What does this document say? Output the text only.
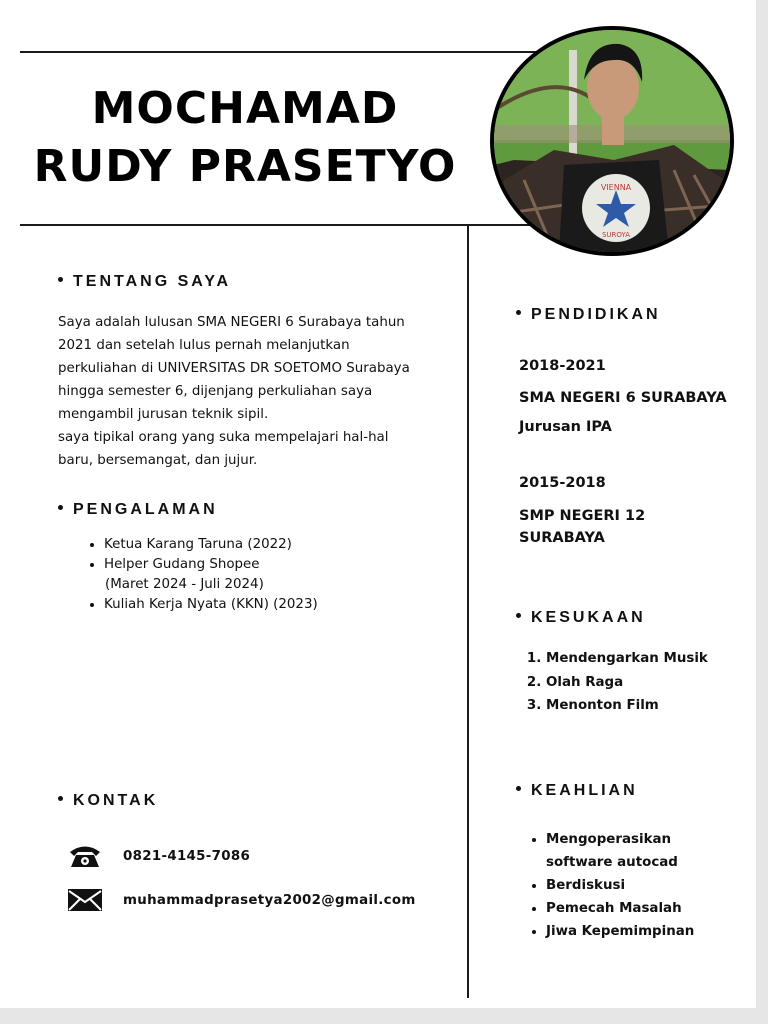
MOCHAMAD
RUDY PRASETYO	VIENNA
SUROYA
TENTANG SAYA
Saya adalah lulusan SMA NEGERI 6 Surabaya tahun
2021 dan setelah lulus pernah melanjutkan
perkuliahan di UNIVERSITAS DR SOETOMO Surabaya
hingga semester 6, dijenjang perkuliahan saya
mengambil jurusan teknik sipil.
saya tipikal orang yang suka mempelajari hal-hal
baru, bersemangat, dan jujur.
PENGALAMAN
• Ketua Karang Taruna (2022)
• Helper Gudang Shopee
(Maret 2024 - Juli 2024)
• Kuliah Kerja Nyata (KKN) (2023)
KONTAK
0821-4145-7086
muhammadprasetya2002@gmail.com
PENDIDIKAN
2018-2021
SMA NEGERI 6 SURABAYA
Jurusan IPA
2015-2018
SMP NEGERI 12
SURABAYA
KESUKAAN
1. Mendengarkan Musik
2. Olah Raga
3. Menonton Film
KEAHLIAN
• Mengoperasikan
software autocad
• Berdiskusi
• Pemecah Masalah
• Jiwa Kepemimpinan
